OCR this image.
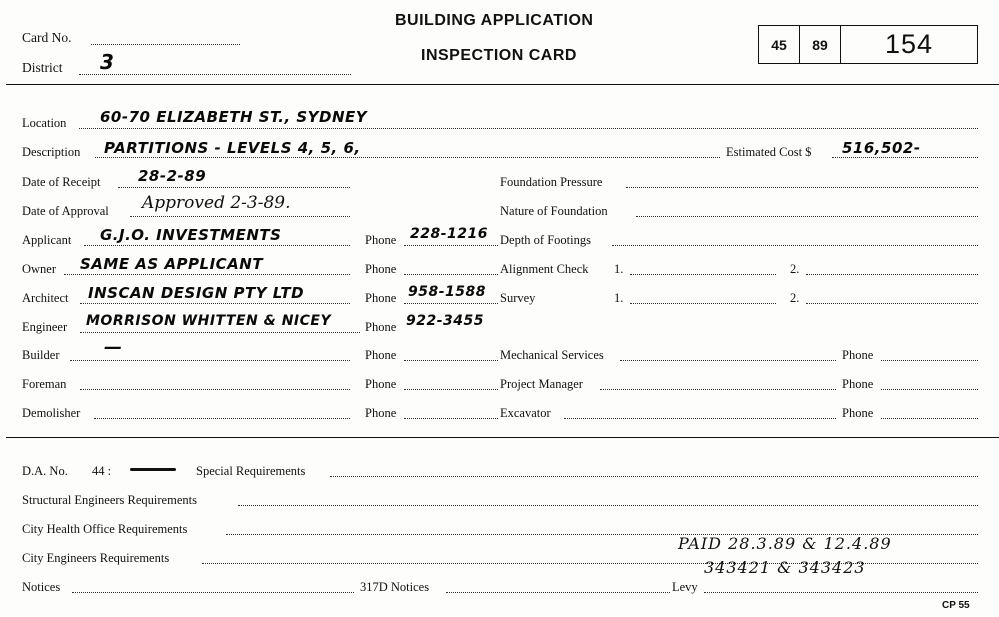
Card No.
District 3
BUILDING APPLICATION
INSPECTION CARD
45 89 154
Location 60-70 ELIZABETH ST., SYDNEY
Description PARTITIONS - LEVELS 4, 5, 6,	Estimated Cost $ 516,502-
Date of Receipt	28-2-89	Foundation Pressure
Date of Approval Approved 2-3-89.	Nature of Foundation
Applicant G.J.O. INVESTMENTS	Phone 228-1216 Depth of Footings
Owner SAME AS APPLICANT	Phone	Alignment Check 1.	2.
Architect INSCAN DESIGN PTY LTD	Phone 958-1588 Survey	1.	2.
Engineer MORRISON WHITTEN & NICEY	Phone 922-3455
Builder —	Phone	Mechanical Services	Phone
Foreman	Phone	Project Manager	Phone
Demolisher	Phone	Excavator	Phone
D.A. No. 44 :	Special Requirements
Structural Engineers Requirements
City Health Office Requirements
City Engineers Requirements
PAID 28.3.89 & 12.4.89
343421 & 343423
Notices	317D Notices	Levy
CP 55
